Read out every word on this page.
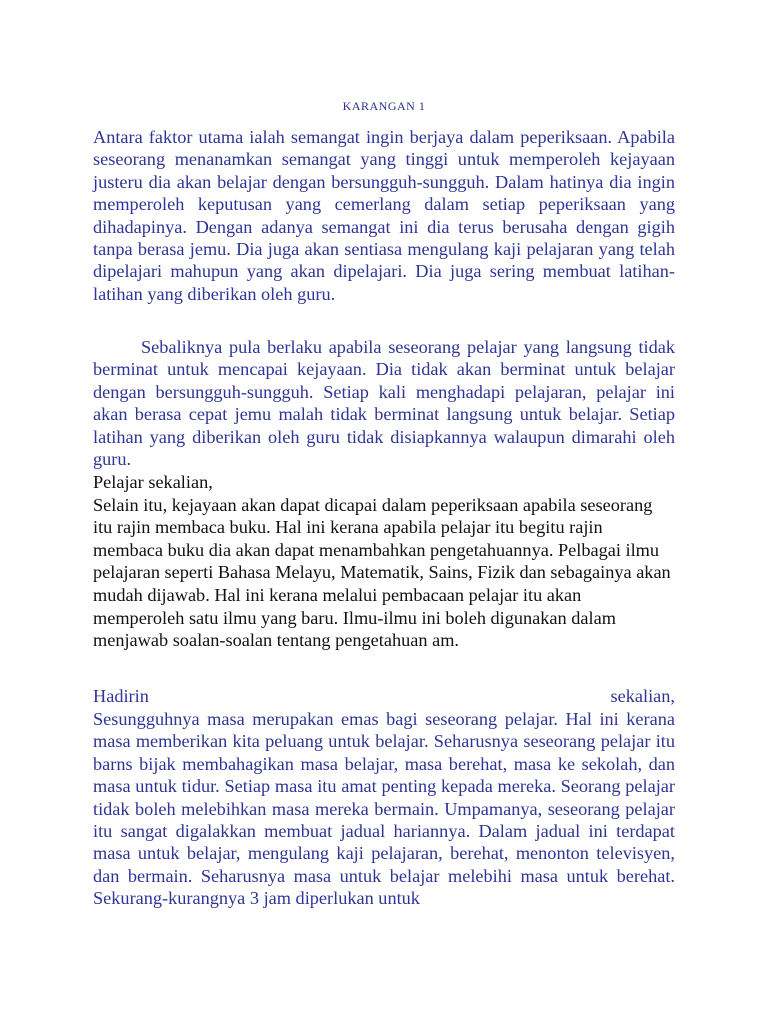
KARANGAN 1

Antara faktor utama ialah semangat ingin berjaya dalam peperiksaan. Apabila seseorang menanamkan semangat yang tinggi untuk memperoleh kejayaan justeru dia akan belajar dengan bersungguh-sungguh. Dalam hatinya dia ingin memperoleh keputusan yang cemerlang dalam setiap peperiksaan yang dihadapinya. Dengan adanya semangat ini dia terus berusaha dengan gigih tanpa berasa jemu. Dia juga akan sentiasa mengulang kaji pelajaran yang telah dipelajari mahupun yang akan dipelajari. Dia juga sering membuat latihan-latihan yang diberikan oleh guru.

Sebaliknya pula berlaku apabila seseorang pelajar yang langsung tidak berminat untuk mencapai kejayaan. Dia tidak akan berminat untuk belajar dengan bersungguh-sungguh. Setiap kali menghadapi pelajaran, pelajar ini akan berasa cepat jemu malah tidak berminat langsung untuk belajar. Setiap latihan yang diberikan oleh guru tidak disiapkannya walaupun dimarahi oleh guru.

Pelajar sekalian,
Selain itu, kejayaan akan dapat dicapai dalam peperiksaan apabila seseorang itu rajin membaca buku. Hal ini kerana apabila pelajar itu begitu rajin membaca buku dia akan dapat menambahkan pengetahuannya. Pelbagai ilmu pelajaran seperti Bahasa Melayu, Matematik, Sains, Fizik dan sebagainya akan mudah dijawab. Hal ini kerana melalui pembacaan pelajar itu akan memperoleh satu ilmu yang baru. Ilmu-ilmu ini boleh digunakan dalam menjawab soalan-soalan tentang pengetahuan am.
Hadirin	sekalian,

Sesungguhnya masa merupakan emas bagi seseorang pelajar. Hal ini kerana masa memberikan kita peluang untuk belajar. Seharusnya seseorang pelajar itu barns bijak membahagikan masa belajar, masa berehat, masa ke sekolah, dan masa untuk tidur. Setiap masa itu amat penting kepada mereka. Seorang pelajar tidak boleh melebihkan masa mereka bermain. Umpamanya, seseorang pelajar itu sangat digalakkan membuat jadual hariannya. Dalam jadual ini terdapat masa untuk belajar, mengulang kaji pelajaran, berehat, menonton televisyen, dan bermain. Seharusnya masa untuk belajar melebihi masa untuk berehat. Sekurang-kurangnya 3 jam diperlukan untuk
